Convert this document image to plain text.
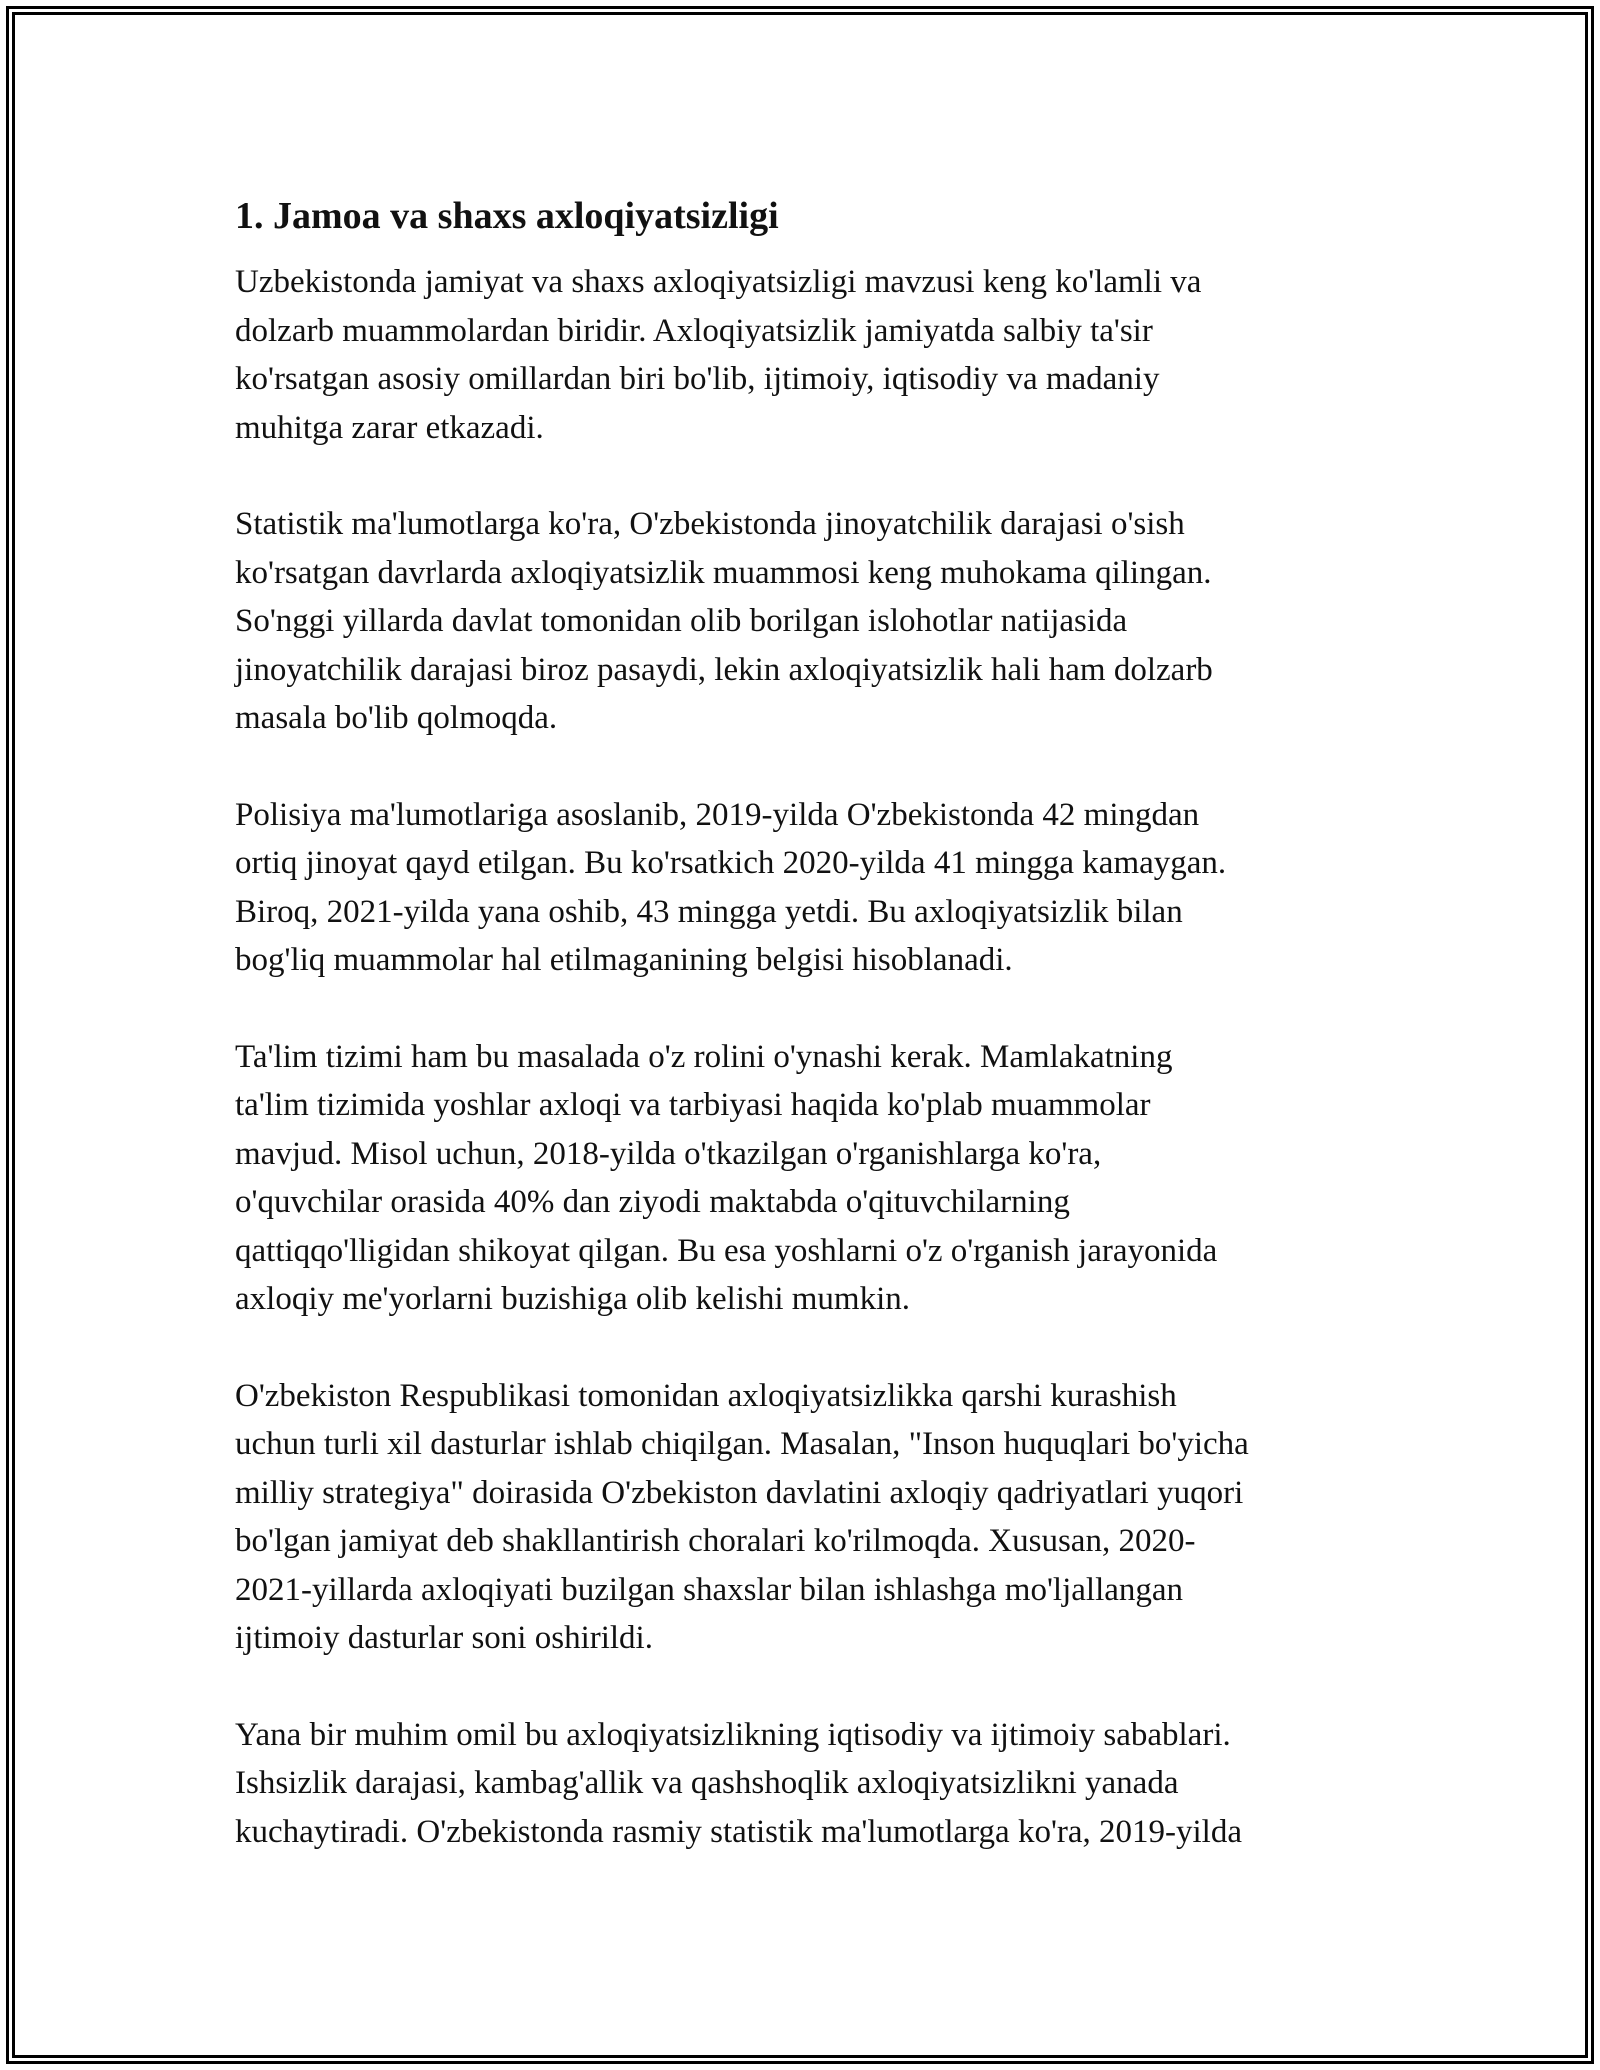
1. Jamoa va shaxs axloqiyatsizligi
Uzbekistonda jamiyat va shaxs axloqiyatsizligi mavzusi keng ko'lamli va
dolzarb muammolardan biridir. Axloqiyatsizlik jamiyatda salbiy ta'sir
ko'rsatgan asosiy omillardan biri bo'lib, ijtimoiy, iqtisodiy va madaniy
muhitga zarar etkazadi.
Statistik ma'lumotlarga ko'ra, O'zbekistonda jinoyatchilik darajasi o'sish
ko'rsatgan davrlarda axloqiyatsizlik muammosi keng muhokama qilingan.
So'nggi yillarda davlat tomonidan olib borilgan islohotlar natijasida
jinoyatchilik darajasi biroz pasaydi, lekin axloqiyatsizlik hali ham dolzarb
masala bo'lib qolmoqda.
Polisiya ma'lumotlariga asoslanib, 2019-yilda O'zbekistonda 42 mingdan
ortiq jinoyat qayd etilgan. Bu ko'rsatkich 2020-yilda 41 mingga kamaygan.
Biroq, 2021-yilda yana oshib, 43 mingga yetdi. Bu axloqiyatsizlik bilan
bog'liq muammolar hal etilmaganining belgisi hisoblanadi.
Ta'lim tizimi ham bu masalada o'z rolini o'ynashi kerak. Mamlakatning
ta'lim tizimida yoshlar axloqi va tarbiyasi haqida ko'plab muammolar
mavjud. Misol uchun, 2018-yilda o'tkazilgan o'rganishlarga ko'ra,
o'quvchilar orasida 40% dan ziyodi maktabda o'qituvchilarning
qattiqqo'lligidan shikoyat qilgan. Bu esa yoshlarni o'z o'rganish jarayonida
axloqiy me'yorlarni buzishiga olib kelishi mumkin.
O'zbekiston Respublikasi tomonidan axloqiyatsizlikka qarshi kurashish
uchun turli xil dasturlar ishlab chiqilgan. Masalan, "Inson huquqlari bo'yicha
milliy strategiya" doirasida O'zbekiston davlatini axloqiy qadriyatlari yuqori
bo'lgan jamiyat deb shakllantirish choralari ko'rilmoqda. Xususan, 2020-
2021-yillarda axloqiyati buzilgan shaxslar bilan ishlashga mo'ljallangan
ijtimoiy dasturlar soni oshirildi.
Yana bir muhim omil bu axloqiyatsizlikning iqtisodiy va ijtimoiy sabablari.
Ishsizlik darajasi, kambag'allik va qashshoqlik axloqiyatsizlikni yanada
kuchaytiradi. O'zbekistonda rasmiy statistik ma'lumotlarga ko'ra, 2019-yilda
